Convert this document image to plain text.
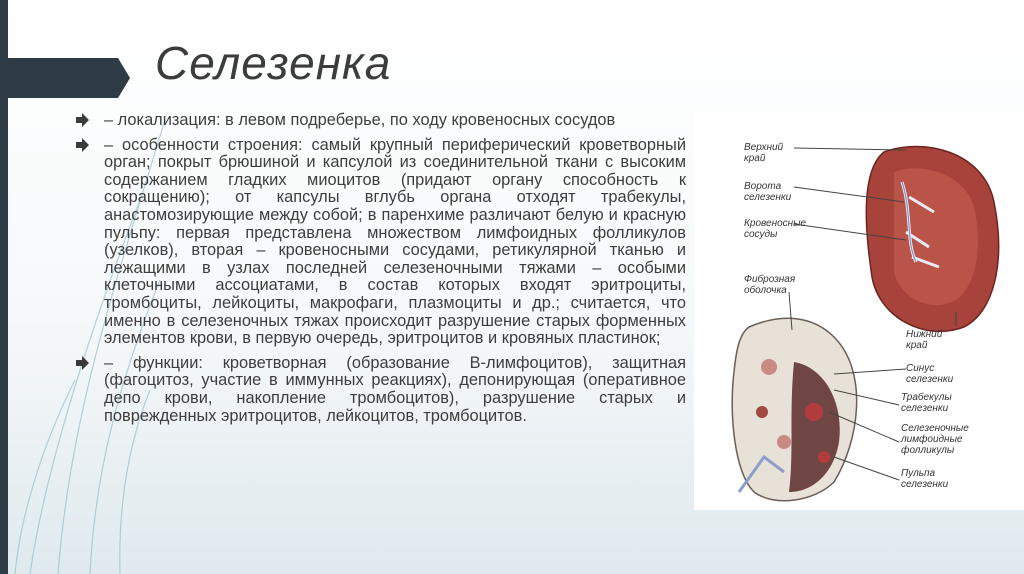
Селезенка
– локализация: в левом подреберье, по ходу кровеносных сосудов
– особенности строения: самый крупный периферический кроветворный орган; покрыт брюшиной и капсулой из соединительной ткани с высоким содержанием гладких миоцитов (придают органу способность к сокращению); от капсулы вглубь органа отходят трабекулы, анастомозирующие между собой; в паренхиме различают белую и красную пульпу: первая представлена множеством лимфоидных фолликулов (узелков), вторая – кровеносными сосудами, ретикулярной тканью и лежащими в узлах последней селезеночными тяжами – особыми клеточными ассоциатами, в состав которых входят эритроциты, тромбоциты, лейкоциты, макрофаги, плазмоциты и др.; считается, что именно в селезеночных тяжах происходит разрушение старых форменных элементов крови, в первую очередь, эритроцитов и кровяных пластинок;
– функции: кроветворная (образование В-лимфоцитов), защитная (фагоцитоз, участие в иммунных реакциях), депонирующая (оперативное депо крови, накопление тромбоцитов), разрушение старых и поврежденных эритроцитов, лейкоцитов, тромбоцитов.
Верхний край
Ворота селезенки
Кровеносные сосуды
Фиброзная оболочка
Нижний край
Синус селезенки
Трабекулы селезенки
Селезеночные лимфоидные фолликулы
Пульпа селезенки
